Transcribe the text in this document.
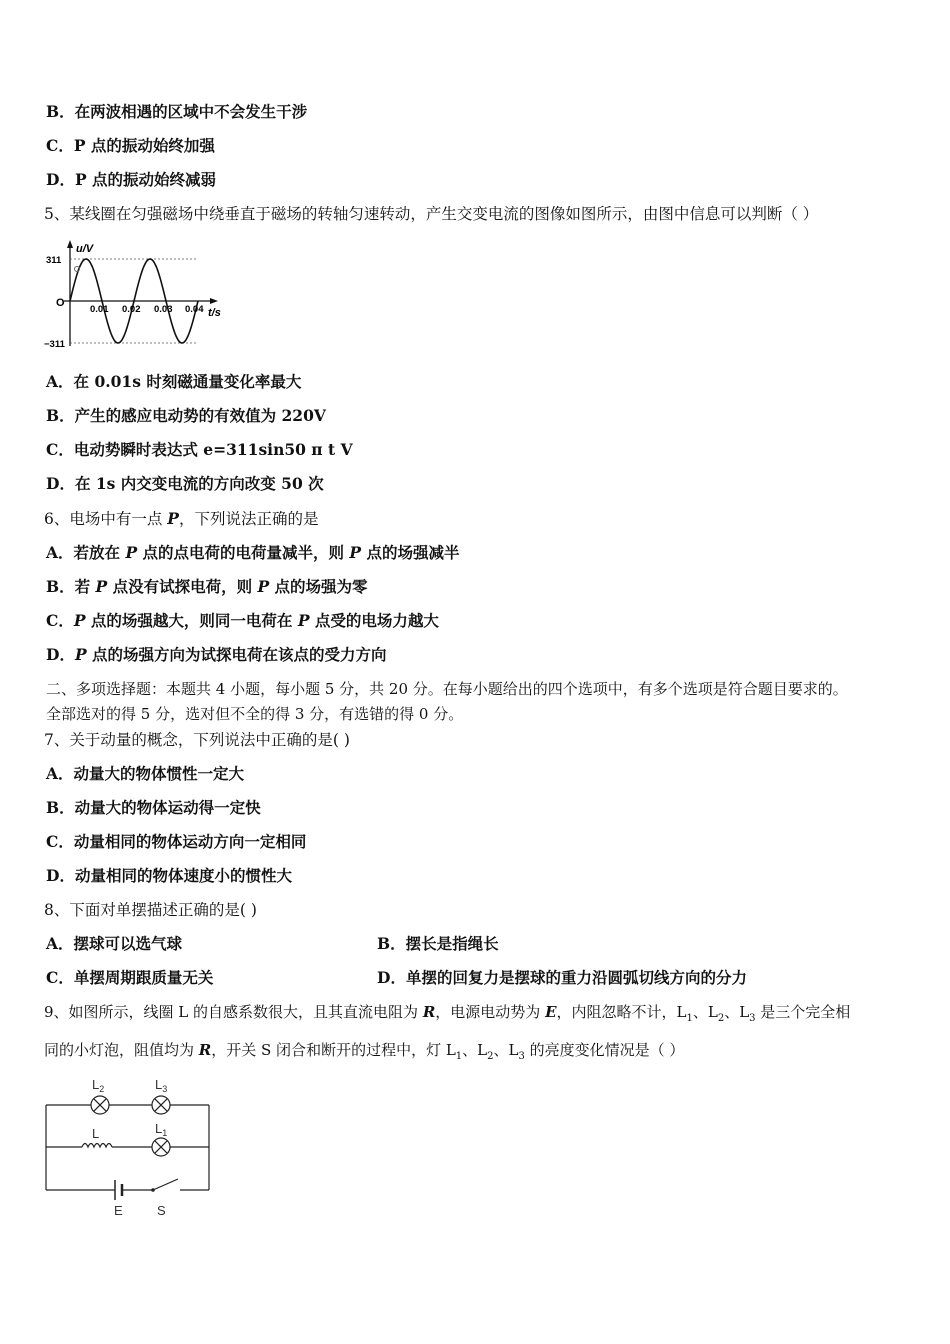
B．在两波相遇的区域中不会发生干涉
C．P 点的振动始终加强
D．P 点的振动始终减弱
5、某线圈在匀强磁场中绕垂直于磁场的转轴匀速转动，产生交变电流的图像如图所示，由图中信息可以判断（ ）
u/V
311
O
−311
0.01 0.02 0.03 0.04 t/s
A．在 0.01s 时刻磁通量变化率最大
B．产生的感应电动势的有效值为 220V
C．电动势瞬时表达式 e=311sin50 π t V
D．在 1s 内交变电流的方向改变 50 次
6、电场中有一点 P，下列说法正确的是
A．若放在 P 点的点电荷的电荷量减半，则 P 点的场强减半
B．若 P 点没有试探电荷，则 P 点的场强为零
C．P 点的场强越大，则同一电荷在 P 点受的电场力越大
D．P 点的场强方向为试探电荷在该点的受力方向
二、多项选择题：本题共 4 小题，每小题 5 分，共 20 分。在每小题给出的四个选项中，有多个选项是符合题目要求的。
全部选对的得 5 分，选对但不全的得 3 分，有选错的得 0 分。
7、关于动量的概念，下列说法中正确的是( )
A．动量大的物体惯性一定大
B．动量大的物体运动得一定快
C．动量相同的物体运动方向一定相同
D．动量相同的物体速度小的惯性大
8、下面对单摆描述正确的是( )
A．摆球可以选气球	B．摆长是指绳长
C．单摆周期跟质量无关	D．单摆的回复力是摆球的重力沿圆弧切线方向的分力
9、如图所示，线圈 L 的自感系数很大，且其直流电阻为 R，电源电动势为 E，内阻忽略不计，$L_1$、$L_2$、$L_3$ 是三个完全相
同的小灯泡，阻值均为 R，开关 S 闭合和断开的过程中，灯 $L_1$、$L_2$、$L_3$ 的亮度变化情况是（ ）
$L_2$	$L_3$
L	$L_1$
E	S
